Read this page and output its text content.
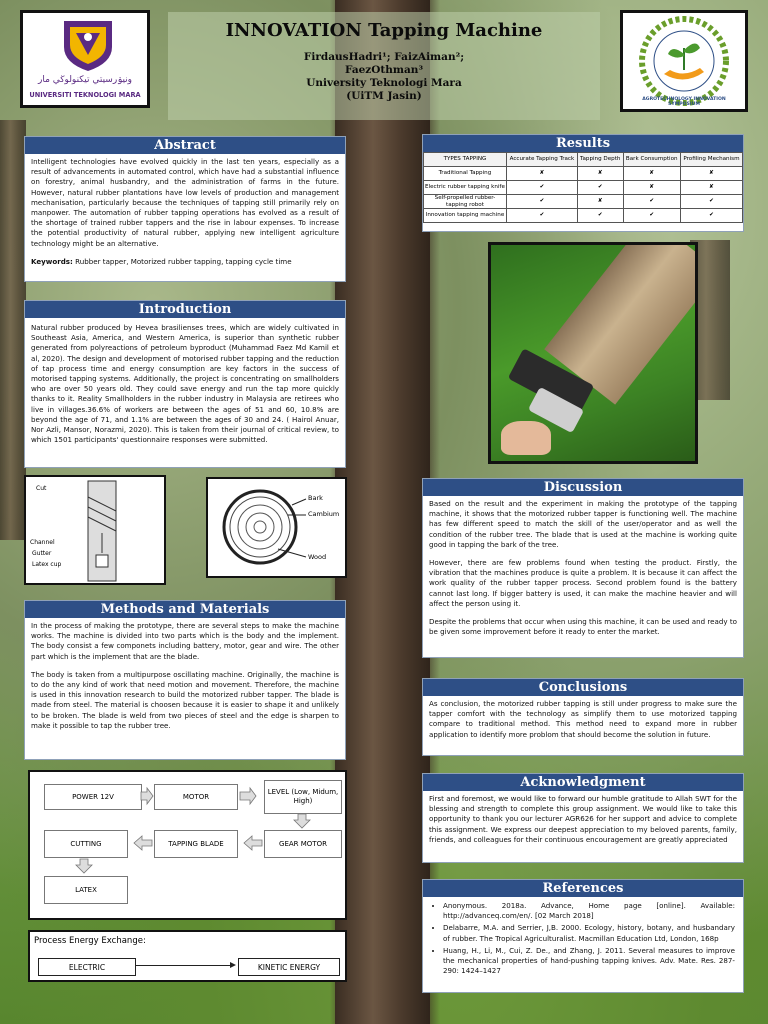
ونيۏرسيتي تيكنولوڬي مار
UNIVERSITI TEKNOLOGI MARA
INNOVATION Tapping Machine
FirdausHadri¹; FaizAiman²;
FaezOthman³
University Teknologi Mara
(UiTM Jasin)	AGROTECHNOLOGY INNOVATION SYMPOSIUM
Abstract

Intelligent technologies have evolved quickly in the last ten years, especially as a result of advancements in automated control, which have had a substantial influence on forestry, animal husbandry, and the administration of farms in the future. However, natural rubber plantations have low levels of production and management mechanisation, particularly because the techniques of tapping still primarily rely on manpower. The automation of rubber tapping operations has evolved as a result of the shortage of trained rubber tappers and the rise in labour expenses. To increase the potential productivity of natural rubber, applying new intelligent agriculture technology might be an alternative.

Keywords: Rubber tapper, Motorized rubber tapping, tapping cycle time

Introduction

Natural rubber produced by Hevea brasilienses trees, which are widely cultivated in Southeast Asia, America, and Western America, is superior than synthetic rubber generated from polyreactions of petroleum byproduct (Muhammad Faez Md Kamil et al, 2020). The design and development of motorised rubber tapping and the reduction of tap process time and energy consumption are key factors in the success of motorised tapping systems. Additionally, the project is concentrating on smallholders who are over 50 years old. They could save energy and run the tap more quickly thanks to it. Reality Smallholders in the rubber industry in Malaysia are retirees who live in villages.36.6% of workers are between the ages of 51 and 60, 10.8% are beyond the age of 71, and 1.1% are between the ages of 30 and 24. ( Hairol Anuar, Nor Azli, Mansor, Norazmi, 2020). This is taken from their journal of critical review, to which 1501 participants' questionnaire responses were submitted.

Cut
Channel
Gutter
Latex cup
Bark
Cambium
Wood
Methods and Materials

In the process of making the prototype, there are several steps to make the machine works. The machine is divided into two parts which is the body and the implement. The body consist a few componets including battery, motor, gear and wire. The other part which is the implement that are the blade.

The body is taken from a multipurpose oscillating machine. Originally, the machine is to do the any kind of work that need motion and movement. Therefore, the machine is used in this innovation research to build the motorized rubber tapper. The blade is made from steel. The material is choosen because it is easier to shape it and unlikely to be broken. The blade is weld from two pieces of steel and the edge is sharpen to make it possible to tap the rubber tree.

POWER 12V	MOTOR
LEVEL (Low, Midum, High)
CUTTING	TAPPING BLADE	GEAR MOTOR
LATEX
Process Energy Exchange:
ELECTRIC	KINETIC ENERGY
Results
TYPES TAPPING	Accurate Tapping Track	Tapping Depth	Bark Consumption	Profiling Mechanism
Traditional Tapping	✘	✘	✘	✘
Electric rubber tapping knife	✔	✔	✘	✘
Self-propelled rubber-tapping robot	✔	✘	✔	✔
Innovation tapping machine	✔	✔	✔	✔
Discussion

Based on the result and the experiment in making the prototype of the tapping machine, it shows that the motorized rubber tapper is functioning well. The machine has few different speed to match the skill of the user/operator and as well the condition of the rubber tree. The blade that is used at the machine is working quite good in tapping the bark of the tree.

However, there are few problems found when testing the product. Firstly, the vibration that the machines produce is quite a problem. It is because it can affect the work quality of the rubber tapper process. Second problem found is the battery cannot last long. If bigger battery is used, it can make the machine heavier and will affect the person using it.

Despite the problems that occur when using this machine, it can be used and ready to be given some improvement before it ready to enter the market.

Conclusions

As conclusion, the motorized rubber tapping is still under progress to make sure the tapper comfort with the technology as simplify them to use motorized tapping compare to traditional method. This method need to expand more in rubber application to identify more problom that should become the solution in future.

Acknowledgment

First and foremost, we would like to forward our humble gratitude to Allah SWT for the blessing and strength to complete this group assignment. We would like to take this opportunity to thank you our lecturer AGR626 for her support and advice to complete this assignment. We express our deepest appreciation to my beloved parents, family, friends, and colleagues for their continuous encouragement are greatly appreciated

References
• Anonymous. 2018a. Advance, Home page [online]. Available: http://advanceq.com/en/. [02 March 2018]
• Delabarre, M.A. and Serrier, J,B. 2000. Ecology, history, botany, and husbandary of rubber. The Tropical Agriculturalist. Macmillan Education Ltd, London, 168p
• Huang, H., Li, M., Cui, Z. De., and Zhang, J. 2011. Several measures to improve the mechanical properties of hand-pushing tapping knives. Adv. Mate. Res. 287-290: 1424–1427
